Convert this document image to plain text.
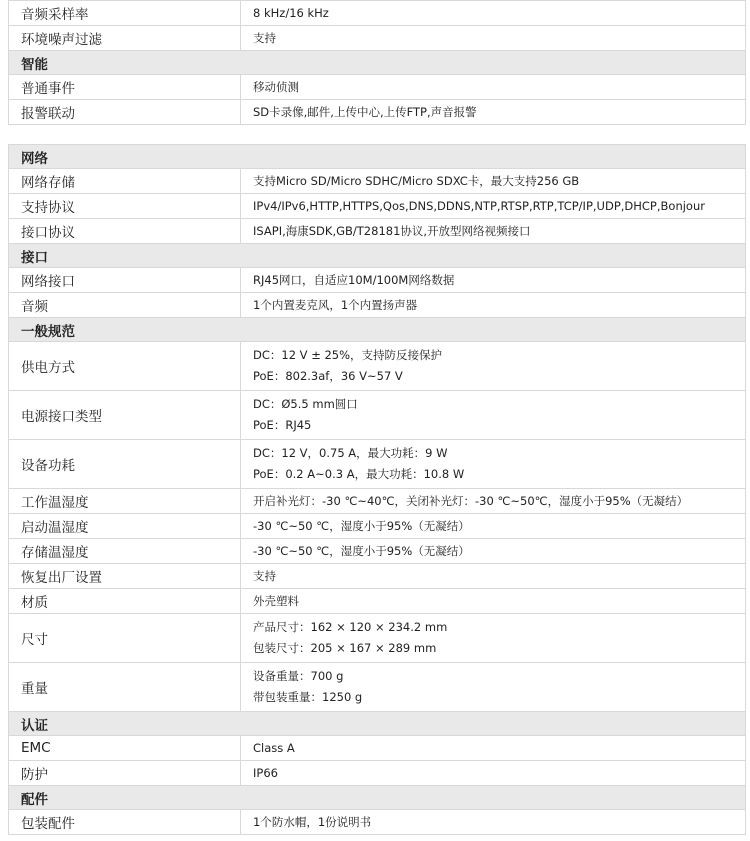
音频采样率	8 kHz/16 kHz
环境噪声过滤	支持
智能	
普通事件	移动侦测
报警联动	SD卡录像,邮件,上传中心,上传FTP,声音报警

网络	
网络存储	支持Micro SD/Micro SDHC/Micro SDXC卡，最大支持256 GB
支持协议	IPv4/IPv6,HTTP,HTTPS,Qos,DNS,DDNS,NTP,RTSP,RTP,TCP/IP,UDP,DHCP,Bonjour
接口协议	ISAPI,海康SDK,GB/T28181协议,开放型网络视频接口
接口	
网络接口	RJ45网口，自适应10M/100M网络数据
音频	1个内置麦克风，1个内置扬声器
一般规范	
供电方式	DC：12 V ± 25%，支持防反接保护
PoE：802.3af，36 V~57 V

电源接口类型	DC：Ø5.5 mm圆口
PoE：RJ45

设备功耗	DC：12 V，0.75 A，最大功耗：9 W
PoE：0.2 A~0.3 A，最大功耗：10.8 W

工作温湿度	开启补光灯：-30 ℃~40℃，关闭补光灯：-30 ℃~50℃，湿度小于95%（无凝结）
启动温湿度	-30 ℃~50 ℃，湿度小于95%（无凝结）
存储温湿度	-30 ℃~50 ℃，湿度小于95%（无凝结）
恢复出厂设置	支持
材质	外壳塑料
尺寸	产品尺寸：162 × 120 × 234.2 mm
包装尺寸：205 × 167 × 289 mm

重量	设备重量：700 g
带包装重量：1250 g

认证	
EMC	Class A
防护	IP66
配件	
包装配件	1个防水帽，1份说明书
